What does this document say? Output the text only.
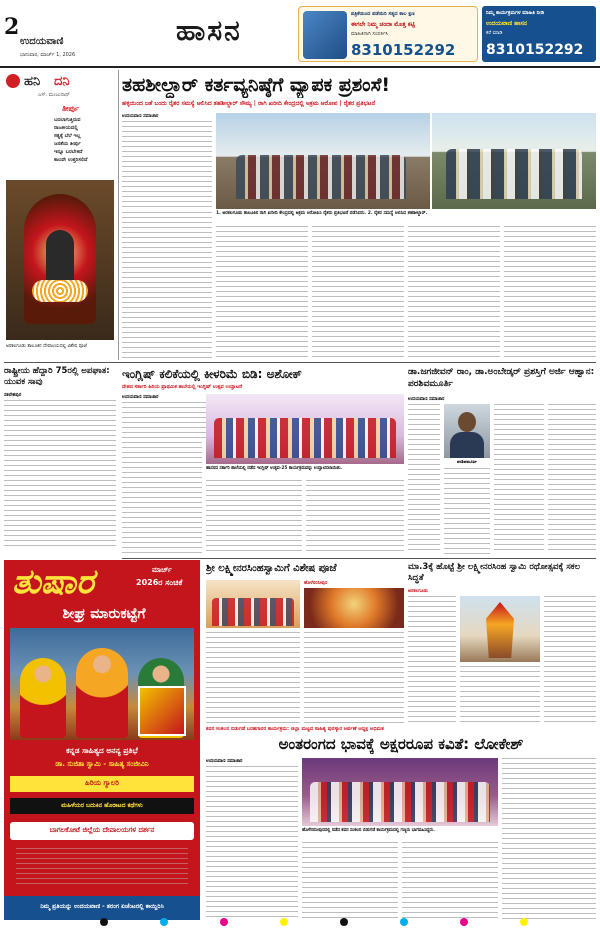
2
ಉದಯವಾಣಿ
ಭಾನುವಾರ, ಮಾರ್ಚ್ 1, 2026
ಹಾಸನ	ಪತ್ರಿಕೆಯಿಂದ ಪಡೆಯಿರಿ ಸತ್ಯದ ಕಾಲ ಕ್ಷಣ
ಈಗಲೇ ನಿಮ್ಮ ಚಂದಾ ಮೊತ್ತ ಕಟ್ಟಿ
ಮಾಹಿತಿಗಾಗಿ ಸಂಪರ್ಕಿಸಿ
8310152292
ನಿಮ್ಮ ಕಾರ್ಯಕ್ರಮಗಳ ಮಾಹಿತಿ ನೀಡಿ
ಉದಯವಾಣಿ ಹಾಸನ
ಕರೆ ಮಾಡಿ
8310152292
ಹನಿ ದನಿ
ಎಸ್. ಮಂಜುನಾಥ್
ತೀರ್ಪು
ಬದಲಾಗುತ್ತಿರುವ
ರಾಜಕೀಯದಲ್ಲಿ
ಸತ್ಯಕ್ಕೆ ಬೆಲೆ ಇಲ್ಲ
ಜನತೆಯ ತೀರ್ಪು
ಇನ್ನೂ ಬರಬೇಕಿದೆ
ಕಾಲವೇ ಉತ್ತರಿಸಲಿದೆ
ಅರಕಲಗೂಡು ತಾಲೂಕಿನ ದೇವಾಲಯದಲ್ಲಿ ವಿಶೇಷ ಪೂಜೆ
ತಹಶೀಲ್ದಾರ್ ಕರ್ತವ್ಯನಿಷ್ಠೆಗೆ ವ್ಯಾಪಕ ಪ್ರಶಂಸೆ!
ಹಳ್ಳಿಯಿಂದ ಜತೆ ಬಂದು ರೈತರ ಸಮಸ್ಯೆ ಆಲಿಸಿದ ತಹಶೀಲ್ದಾರ್ ಸೌಮ್ಯ | ರಾಗಿ ಖರೀದಿ ಕೇಂದ್ರದಲ್ಲಿ ಅಕ್ರಮ ಆರೋಪ | ರೈತರ ಪ್ರತಿಭಟನೆ
ಉದಯವಾಣಿ ಸಮಾಚಾರ
1. ಅರಕಲಗೂಡು ತಾಲೂಕಿನ ರಾಗಿ ಖರೀದಿ ಕೇಂದ್ರದಲ್ಲಿ ಅಕ್ರಮ ಆರೋಪಿಸಿ ರೈತರು ಪ್ರತಿಭಟನೆ ನಡೆಸಿದರು. 2. ರೈತರ ಸಮಸ್ಯೆ ಆಲಿಸಿದ ತಹಶೀಲ್ದಾರ್.
ರಾಷ್ಟ್ರೀಯ ಹೆದ್ದಾರಿ 75ರಲ್ಲಿ ಅಪಘಾತ: ಯುವಕ ಸಾವು
ಸಕಲೇಶಪುರ
ಇಂಗ್ಲಿಷ್ ಕಲಿಕೆಯಲ್ಲಿ ಕೀಳರಿಮೆ ಬಿಡಿ: ಅಶೋಕ್
ದೇಶದ ಸರ್ಕಾರಿ ಹಿರಿಯ ಪ್ರಾಥಮಿಕ ಶಾಲೆಯಲ್ಲಿ ಇಂಗ್ಲಿಷ್ ಉತ್ಸವ ಉದ್ಘಾಟನೆ
ಉದಯವಾಣಿ ಸಮಾಚಾರ
ಹಾಸನದ ಸರ್ಕಾರಿ ಶಾಲೆಯಲ್ಲಿ ನಡೆದ ಇಂಗ್ಲಿಷ್ ಉತ್ಸವ-25 ಕಾರ್ಯಕ್ರಮವನ್ನು ಉದ್ಘಾಟಿಸಲಾಯಿತು.
ಡಾ.ಜಗಜೀವನ್ ರಾಂ, ಡಾ.ಅಂಬೇಡ್ಕರ್ ಪ್ರಶಸ್ತಿಗೆ ಅರ್ಜಿ ಆಹ್ವಾನ: ಪರಶಿವಮೂರ್ತಿ
ಉದಯವಾಣಿ ಸಮಾಚಾರ
ಪರಶಿವಮೂರ್ತಿ
ತುಷಾರ	ಮಾರ್ಚ್
2026ರ ಸಂಚಿಕೆ
ಶೀಘ್ರ ಮಾರುಕಟ್ಟೆಗೆ
ಕನ್ನಡ ಸಾಹಿತ್ಯದ ಅನನ್ಯ ಪ್ರತಿಭೆ
ಡಾ. ಸುಜಿತಾ ಸ್ವಾಮಿ - ಸಾಹಿತ್ಯ ಸಂಜೀವಿನಿ
ಹಿರಿಯ ಗ್ಯಾಲರಿ
ಮಹಿಳೆಯರ ಬದುಕಿನ ಹೊರಾಟದ ಕಥೆಗಳು
ಬಾಗಲಕೋಟೆ ಜಿಲ್ಲೆಯ ದೇವಾಲಯಗಳ ದರ್ಶನ
ನಿಮ್ಮ ಪ್ರತಿಯನ್ನು ಉದಯವಾಣಿ - ತರಂಗ ಏಜೆಂಟರಲ್ಲಿ ಕಾಯ್ದಿರಿಸಿ
ಶ್ರೀ ಲಕ್ಷ್ಮೀನರಸಿಂಹಸ್ವಾಮಿಗೆ ವಿಶೇಷ ಪೂಜೆ
ಹೊಳೆನರಸೀಪುರ
ಮಾ.3ಕ್ಕೆ ಹೊಟ್ಟೆ ಶ್ರೀ ಲಕ್ಷ್ಮೀನರಸಿಂಹ ಸ್ವಾಮಿ ರಥೋತ್ಸವಕ್ಕೆ ಸಕಲ ಸಿದ್ಧತೆ
ಅರಕಲಗೂಡು
ಕವನ ಸಂಕಲನ ಬಿಡುಗಡೆ ಬರಹಗಾರರ ಕಾರ್ಯಕ್ರಮ: ಜಿಲ್ಲಾ ಮಟ್ಟದ ಸಾಹಿತ್ಯ ಪುರಸ್ಕಾರ ಅರ್ಪಣೆ ಅಧ್ಯಕ್ಷ ಅಭಿಮತ
ಅಂತರಂಗದ ಭಾವಕ್ಕೆ ಅಕ್ಷರರೂಪ ಕವಿತೆ: ಲೋಕೇಶ್
ಉದಯವಾಣಿ ಸಮಾಚಾರ
ಹೊಳೆನರಸೀಪುರದಲ್ಲಿ ನಡೆದ ಕವನ ಸಂಕಲನ ಬಿಡುಗಡೆ ಕಾರ್ಯಕ್ರಮದಲ್ಲಿ ಗಣ್ಯರು ಭಾಗವಹಿಸಿದ್ದರು.
